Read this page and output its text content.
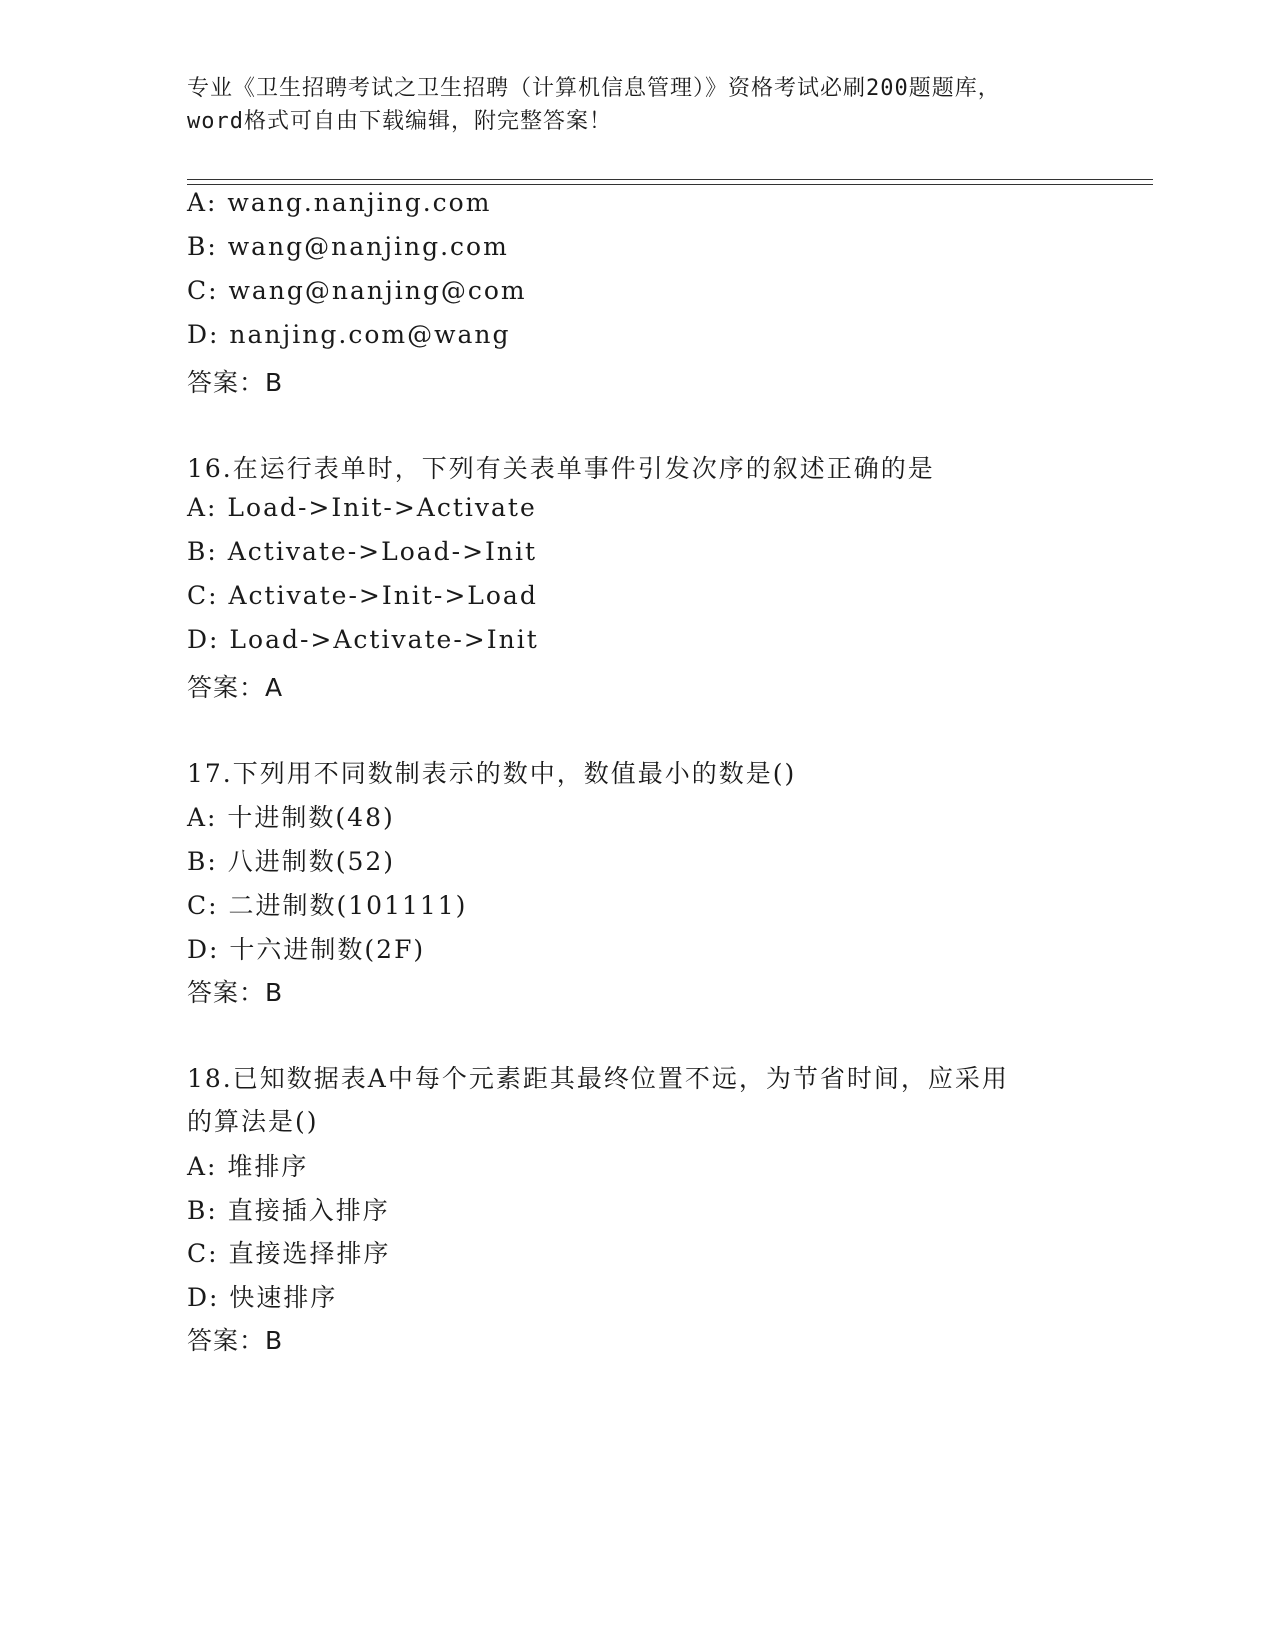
专业《卫生招聘考试之卫生招聘（计算机信息管理）》资格考试必刷200题题库，
word格式可自由下载编辑，附完整答案！
A: wang.nanjing.com
B: wang@nanjing.com
C: wang@nanjing@com
D: nanjing.com@wang
答案：B
16.在运行表单时，下列有关表单事件引发次序的叙述正确的是
A: Load->Init->Activate
B: Activate->Load->Init
C: Activate->Init->Load
D: Load->Activate->Init
答案：A
17.下列用不同数制表示的数中，数值最小的数是()
A: 十进制数(48)
B: 八进制数(52)
C: 二进制数(101111)
D: 十六进制数(2F)
答案：B
18.已知数据表A中每个元素距其最终位置不远，为节省时间，应采用
的算法是()
A: 堆排序
B: 直接插入排序
C: 直接选择排序
D: 快速排序
答案：B
